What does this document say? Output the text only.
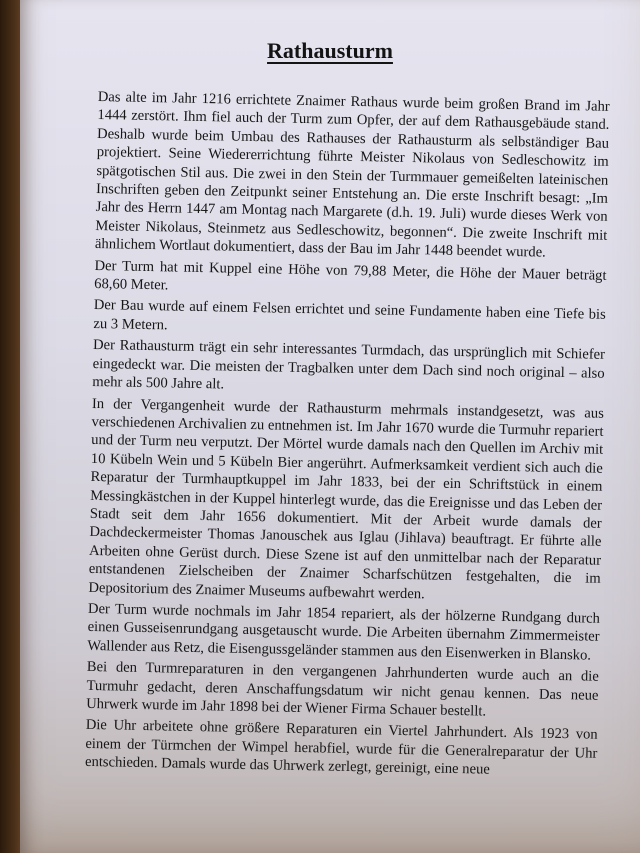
Rathausturm

Das alte im Jahr 1216 errichtete Znaimer Rathaus wurde beim großen Brand im Jahr 1444 zerstört. Ihm fiel auch der Turm zum Opfer, der auf dem Rathausgebäude stand. Deshalb wurde beim Umbau des Rathauses der Rathausturm als selbständiger Bau projektiert. Seine Wiedererrichtung führte Meister Nikolaus von Sedleschowitz im spätgotischen Stil aus. Die zwei in den Stein der Turmmauer gemeißelten lateinischen Inschriften geben den Zeitpunkt seiner Entstehung an. Die erste Inschrift besagt: „Im Jahr des Herrn 1447 am Montag nach Margarete (d.h. 19. Juli) wurde dieses Werk von Meister Nikolaus, Steinmetz aus Sedleschowitz, begonnen“. Die zweite Inschrift mit ähnlichem Wortlaut dokumentiert, dass der Bau im Jahr 1448 beendet wurde.

Der Turm hat mit Kuppel eine Höhe von 79,88 Meter, die Höhe der Mauer beträgt 68,60 Meter.

Der Bau wurde auf einem Felsen errichtet und seine Fundamente haben eine Tiefe bis zu 3 Metern.

Der Rathausturm trägt ein sehr interessantes Turmdach, das ursprünglich mit Schiefer eingedeckt war. Die meisten der Tragbalken unter dem Dach sind noch original – also mehr als 500 Jahre alt.

In der Vergangenheit wurde der Rathausturm mehrmals instandgesetzt, was aus verschiedenen Archivalien zu entnehmen ist. Im Jahr 1670 wurde die Turmuhr repariert und der Turm neu verputzt. Der Mörtel wurde damals nach den Quellen im Archiv mit 10 Kübeln Wein und 5 Kübeln Bier angerührt. Aufmerksamkeit verdient sich auch die Reparatur der Turmhauptkuppel im Jahr 1833, bei der ein Schriftstück in einem Messingkästchen in der Kuppel hinterlegt wurde, das die Ereignisse und das Leben der Stadt seit dem Jahr 1656 dokumentiert. Mit der Arbeit wurde damals der Dachdeckermeister Thomas Janouschek aus Iglau (Jihlava) beauftragt. Er führte alle Arbeiten ohne Gerüst durch. Diese Szene ist auf den unmittelbar nach der Reparatur entstandenen Zielscheiben der Znaimer Scharfschützen festgehalten, die im Depositorium des Znaimer Museums aufbewahrt werden.

Der Turm wurde nochmals im Jahr 1854 repariert, als der hölzerne Rundgang durch einen Gusseisenrundgang ausgetauscht wurde. Die Arbeiten übernahm Zimmermeister Wallender aus Retz, die Eisengussgeländer stammen aus den Eisenwerken in Blansko.

Bei den Turmreparaturen in den vergangenen Jahrhunderten wurde auch an die Turmuhr gedacht, deren Anschaffungsdatum wir nicht genau kennen. Das neue Uhrwerk wurde im Jahr 1898 bei der Wiener Firma Schauer bestellt.

Die Uhr arbeitete ohne größere Reparaturen ein Viertel Jahrhundert. Als 1923 von einem der Türmchen der Wimpel herabfiel, wurde für die Generalreparatur der Uhr entschieden. Damals wurde das Uhrwerk zerlegt, gereinigt, eine neue
